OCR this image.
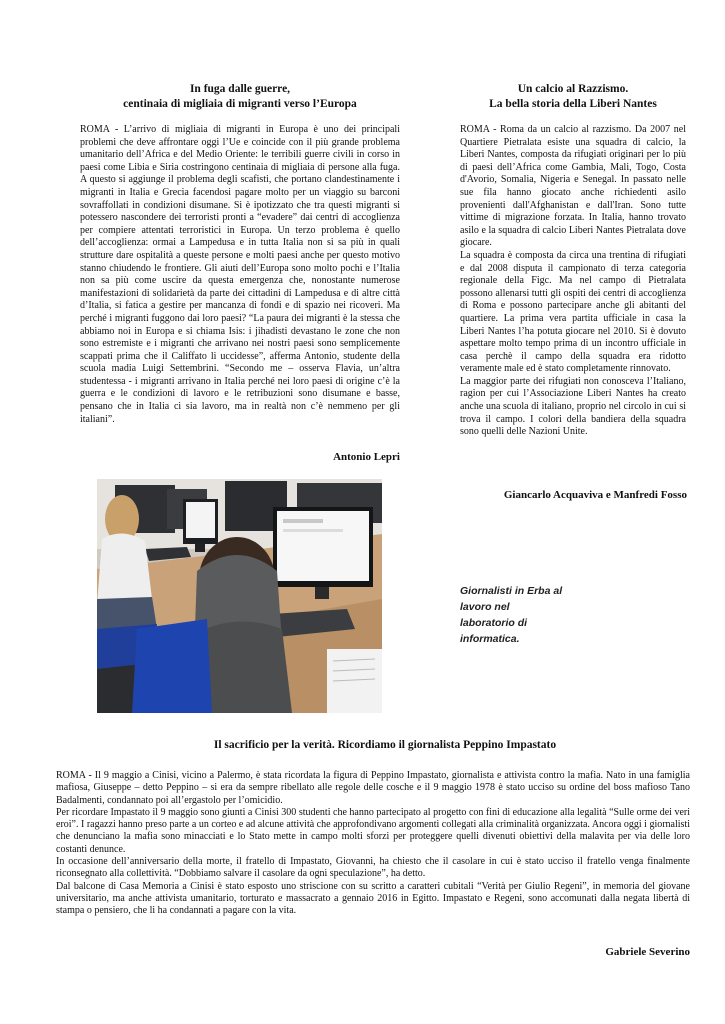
In fuga dalle guerre,
centinaia di migliaia di migranti verso l’Europa

ROMA - L’arrivo di migliaia di migranti in Europa è uno dei principali problemi che deve affrontare oggi l’Ue e coincide con il più grande problema umanitario dell’Africa e del Medio Oriente: le terribili guerre civili in corso in paesi come Libia e Siria costringono centinaia di migliaia di persone alla fuga. A questo si aggiunge il problema degli scafisti, che portano clandestinamente i migranti in Italia e Grecia facendosi pagare molto per un viaggio su barconi sovraffollati in condizioni disumane. Si è ipotizzato che tra questi migranti si potessero nascondere dei terroristi pronti a “evadere” dai centri di accoglienza per compiere attentati terroristici in Europa. Un terzo problema è quello dell’accoglienza: ormai a Lampedusa e in tutta Italia non si sa più in quali strutture dare ospitalità a queste persone e molti paesi anche per questo motivo stanno chiudendo le frontiere. Gli aiuti dell’Europa sono molto pochi e l’Italia non sa più come uscire da questa emergenza che, nonostante numerose manifestazioni di solidarietà da parte dei cittadini di Lampedusa e di altre città d’Italia, si fatica a gestire per mancanza di fondi e di spazio nei ricoveri. Ma perché i migranti fuggono dai loro paesi? “La paura dei migranti è la stessa che abbiamo noi in Europa e si chiama Isis: i jihadisti devastano le zone che non sono estremiste e i migranti che arrivano nei nostri paesi sono semplicemente scappati prima che il Califfato li uccidesse”, afferma Antonio, studente della scuola madia Luigi Settembrini. “Secondo me – osserva Flavia, un’altra studentessa - i migranti arrivano in Italia perché nei loro paesi di origine c’è la guerra e le condizioni di lavoro e le retribuzioni sono disumane e basse, pensano che in Italia ci sia lavoro, ma in realtà non c’è nemmeno per gli italiani”.

Antonio Lepri
Un calcio al Razzismo.
La bella storia della Liberi Nantes

ROMA - Roma da un calcio al razzismo. Da 2007 nel Quartiere Pietralata esiste una squadra di calcio, la Liberi Nantes, composta da rifugiati originari per lo più di paesi dell’Africa come Gambia, Mali, Togo, Costa d'Avorio, Somalia, Nigeria e Senegal. In passato nelle sue fila hanno giocato anche richiedenti asilo provenienti dall'Afghanistan e dall'Iran. Sono tutte vittime di migrazione forzata. In Italia, hanno trovato asilo e la squadra di calcio Liberi Nantes Pietralata dove giocare.

La squadra è composta da circa una trentina di rifugiati e dal 2008 disputa il campionato di terza categoria regionale della Figc. Ma nel campo di Pietralata possono allenarsi tutti gli ospiti dei centri di accoglienza di Roma e possono partecipare anche gli abitanti del quartiere. La prima vera partita ufficiale in casa la Liberi Nantes l’ha potuta giocare nel 2010. Si è dovuto aspettare molto tempo prima di un incontro ufficiale in casa perchè il campo della squadra era ridotto veramente male ed è stato completamente rinnovato.

La maggior parte dei rifugiati non conosceva l’Italiano, ragion per cui l’Associazione Liberi Nantes ha creato anche una scuola di italiano, proprio nel circolo in cui si trova il campo. I colori della bandiera della squadra sono quelli delle Nazioni Unite.

Giancarlo Acquaviva e Manfredi Fosso
Giornalisti in Erba al
lavoro nel
laboratorio di
informatica.
Il sacrificio per la verità. Ricordiamo il giornalista Peppino Impastato

ROMA - Il 9 maggio a Cinisi, vicino a Palermo, è stata ricordata la figura di Peppino Impastato, giornalista e attivista contro la mafia. Nato in una famiglia mafiosa, Giuseppe – detto Peppino – si era da sempre ribellato alle regole delle cosche e il 9 maggio 1978 è stato ucciso su ordine del boss mafioso Tano Badalmenti, condannato poi all’ergastolo per l’omicidio.

Per ricordare Impastato il 9 maggio sono giunti a Cinisi 300 studenti che hanno partecipato al progetto con fini di educazione alla legalità “Sulle orme dei veri eroi”. I ragazzi hanno preso parte a un corteo e ad alcune attività che approfondivano argomenti collegati alla criminalità organizzata. Ancora oggi i giornalisti che denunciano la mafia sono minacciati e lo Stato mette in campo molti sforzi per proteggere quelli divenuti obiettivi della malavita per via delle loro costanti denunce.

In occasione dell’anniversario della morte, il fratello di Impastato, Giovanni, ha chiesto che il casolare in cui è stato ucciso il fratello venga finalmente riconsegnato alla collettività. “Dobbiamo salvare il casolare da ogni speculazione”, ha detto.

Dal balcone di Casa Memoria a Cinisi è stato esposto uno striscione con su scritto a caratteri cubitali “Verità per Giulio Regeni”, in memoria del giovane universitario, ma anche attivista umanitario, torturato e massacrato a gennaio 2016 in Egitto. Impastato e Regeni, sono accomunati dalla negata libertà di stampa o pensiero, che li ha condannati a pagare con la vita.

Gabriele Severino
